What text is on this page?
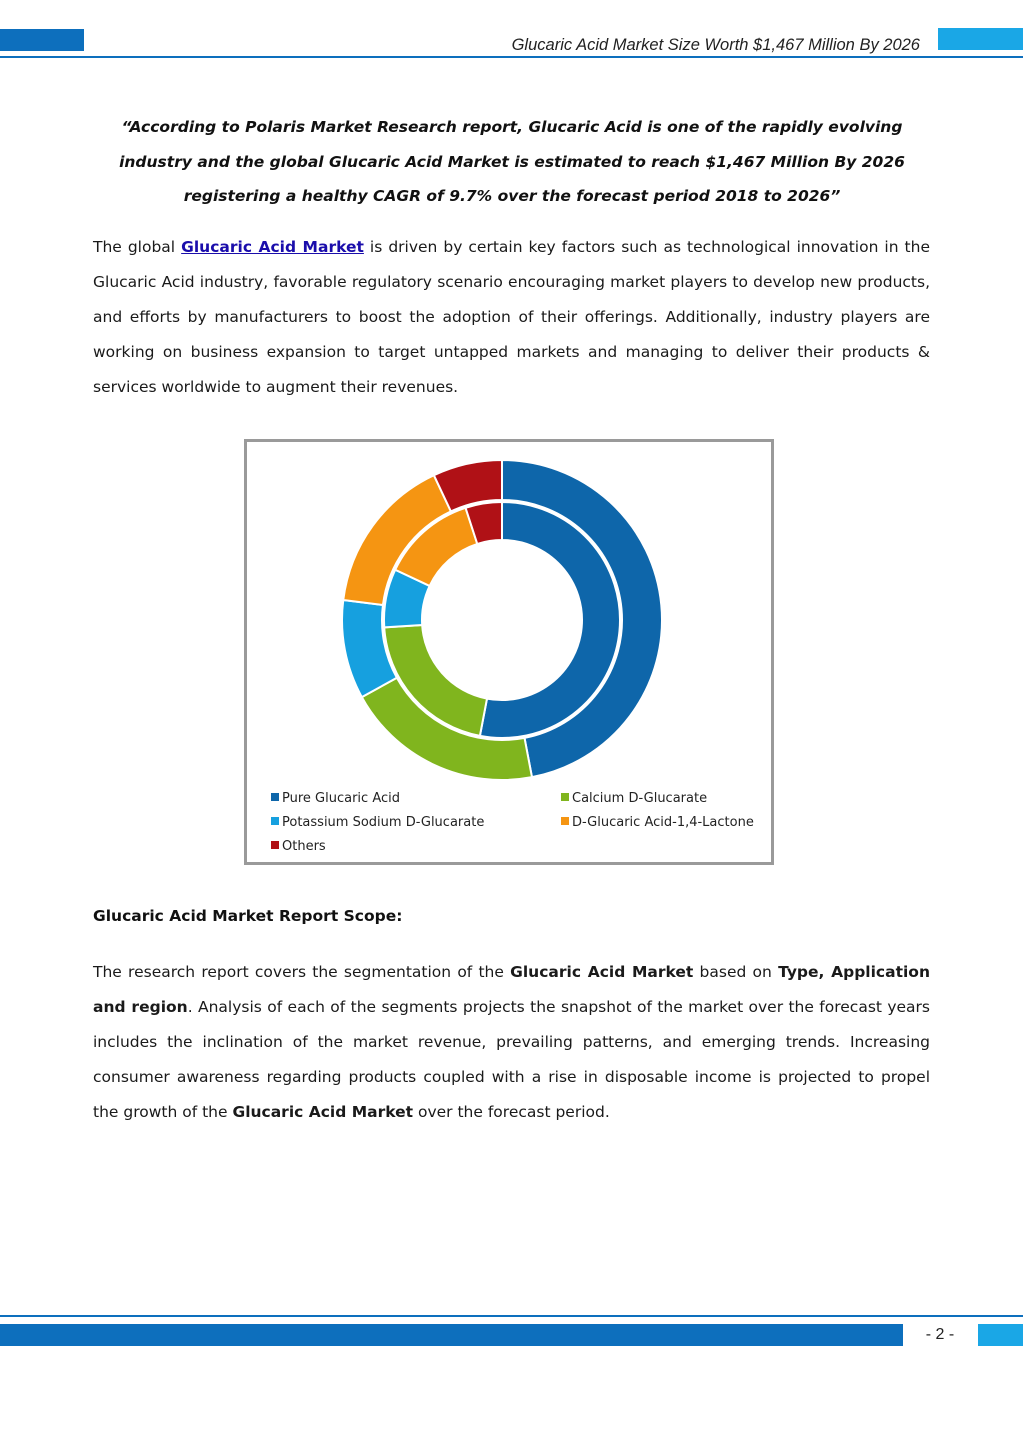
Glucaric Acid Market Size Worth $1,467 Million By 2026
“According to Polaris Market Research report, Glucaric Acid is one of the rapidly evolving industry and the global Glucaric Acid Market is estimated to reach $1,467 Million By 2026 registering a healthy CAGR of 9.7% over the forecast period 2018 to 2026”

The global Glucaric Acid Market is driven by certain key factors such as technological innovation in the Glucaric Acid industry, favorable regulatory scenario encouraging market players to develop new products, and efforts by manufacturers to boost the adoption of their offerings. Additionally, industry players are working on business expansion to target untapped markets and managing to deliver their products & services worldwide to augment their revenues.

Pure Glucaric Acid	Calcium D-Glucarate
Potassium Sodium D-Glucarate	D-Glucaric Acid-1,4-Lactone
Others
Glucaric Acid Market Report Scope:

The research report covers the segmentation of the Glucaric Acid Market based on Type, Application and region. Analysis of each of the segments projects the snapshot of the market over the forecast years includes the inclination of the market revenue, prevailing patterns, and emerging trends. Increasing consumer awareness regarding products coupled with a rise in disposable income is projected to propel the growth of the Glucaric Acid Market over the forecast period.

- 2 -
